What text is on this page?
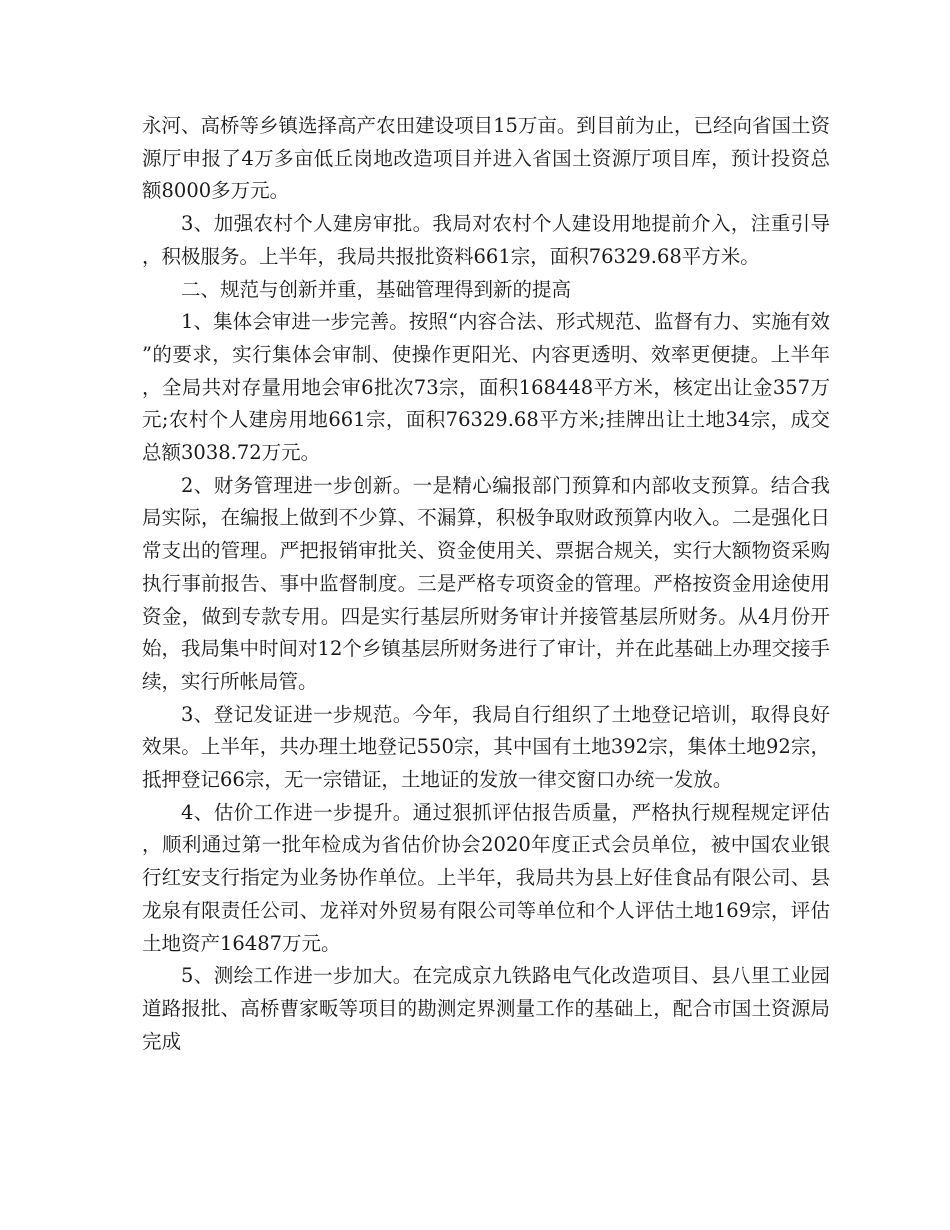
永河、高桥等乡镇选择高产农田建设项目15万亩。到目前为止，已经向省国土资源厅申报了4万多亩低丘岗地改造项目并进入省国土资源厅项目库，预计投资总额8000多万元。

3、加强农村个人建房审批。我局对农村个人建设用地提前介入，注重引导，积极服务。上半年，我局共报批资料661宗，面积76329.68平方米。

二、规范与创新并重，基础管理得到新的提高

1、集体会审进一步完善。按照“内容合法、形式规范、监督有力、实施有效”的要求，实行集体会审制、使操作更阳光、内容更透明、效率更便捷。上半年，全局共对存量用地会审6批次73宗，面积168448平方米，核定出让金357万元;农村个人建房用地661宗，面积76329.68平方米;挂牌出让土地34宗，成交总额3038.72万元。

2、财务管理进一步创新。一是精心编报部门预算和内部收支预算。结合我局实际，在编报上做到不少算、不漏算，积极争取财政预算内收入。二是强化日常支出的管理。严把报销审批关、资金使用关、票据合规关，实行大额物资采购执行事前报告、事中监督制度。三是严格专项资金的管理。严格按资金用途使用资金，做到专款专用。四是实行基层所财务审计并接管基层所财务。从4月份开始，我局集中时间对12个乡镇基层所财务进行了审计，并在此基础上办理交接手续，实行所帐局管。

3、登记发证进一步规范。今年，我局自行组织了土地登记培训，取得良好效果。上半年，共办理土地登记550宗，其中国有土地392宗，集体土地92宗，抵押登记66宗，无一宗错证，土地证的发放一律交窗口办统一发放。

4、估价工作进一步提升。通过狠抓评估报告质量，严格执行规程规定评估，顺利通过第一批年检成为省估价协会2020年度正式会员单位，被中国农业银行红安支行指定为业务协作单位。上半年，我局共为县上好佳食品有限公司、县龙泉有限责任公司、龙祥对外贸易有限公司等单位和个人评估土地169宗，评估土地资产16487万元。

5、测绘工作进一步加大。在完成京九铁路电气化改造项目、县八里工业园道路报批、高桥曹家畈等项目的勘测定界测量工作的基础上，配合市国土资源局完成
